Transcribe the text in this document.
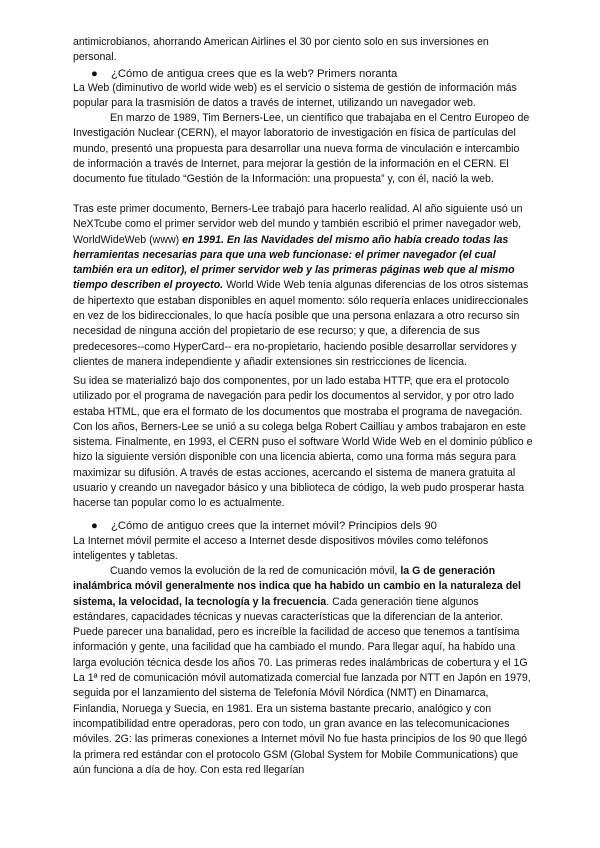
antimicrobianos, ahorrando American Airlines el 30 por ciento solo en sus inversiones en personal.

● ¿Cómo de antigua crees que es la web? Primers noranta

La Web (diminutivo de world wide web) es el servicio o sistema de gestión de información más popular para la trasmisión de datos a través de internet, utilizando un navegador web.

En marzo de 1989, Tim Berners-Lee, un científico que trabajaba en el Centro Europeo de Investigación Nuclear (CERN), el mayor laboratorio de investigación en física de partículas del mundo, presentó una propuesta para desarrollar una nueva forma de vinculación e intercambio de información a través de Internet, para mejorar la gestión de la información en el CERN. El documento fue titulado “Gestión de la Información: una propuesta” y, con él, nació la web.

Tras este primer documento, Berners-Lee trabajó para hacerlo realidad. Al año siguiente usó un NeXTcube como el primer servidor web del mundo y también escribió el primer navegador web, WorldWideWeb (www) en 1991. En las Navidades del mismo año había creado todas las herramientas necesarias para que una web funcionase: el primer navegador (el cual también era un editor), el primer servidor web y las primeras páginas web que al mismo tiempo describen el proyecto. World Wide Web tenía algunas diferencias de los otros sistemas de hipertexto que estaban disponibles en aquel momento: sólo requería enlaces unidireccionales en vez de los bidireccionales, lo que hacía posible que una persona enlazara a otro recurso sin necesidad de ninguna acción del propietario de ese recurso; y que, a diferencia de sus predecesores--como HyperCard-- era no-propietario, haciendo posible desarrollar servidores y clientes de manera independiente y añadir extensiones sin restricciones de licencia.

Su idea se materializó bajo dos componentes, por un lado estaba HTTP, que era el protocolo utilizado por el programa de navegación para pedir los documentos al servidor, y por otro lado estaba HTML, que era el formato de los documentos que mostraba el programa de navegación. Con los años, Berners-Lee se unió a su colega belga Robert Cailliau y ambos trabajaron en este sistema. Finalmente, en 1993, el CERN puso el software World Wide Web en el dominio público e hizo la siguiente versión disponible con una licencia abierta, como una forma más segura para maximizar su difusión. A través de estas acciones, acercando el sistema de manera gratuita al usuario y creando un navegador básico y una biblioteca de código, la web pudo prosperar hasta hacerse tan popular como lo es actualmente.

● ¿Cómo de antiguo crees que la internet móvil? Principios dels 90

La Internet móvil permite el acceso a Internet desde dispositivos móviles como teléfonos inteligentes y tabletas.

Cuando vemos la evolución de la red de comunicación móvil, la G de generación inalámbrica móvil generalmente nos indica que ha habido un cambio en la naturaleza del sistema, la velocidad, la tecnología y la frecuencia. Cada generación tiene algunos estándares, capacidades técnicas y nuevas características que la diferencian de la anterior. Puede parecer una banalidad, pero es increíble la facilidad de acceso que tenemos a tantísima información y gente, una facilidad que ha cambiado el mundo. Para llegar aquí, ha habido una larga evolución técnica desde los años 70. Las primeras redes inalámbricas de cobertura y el 1G La 1ª red de comunicación móvil automatizada comercial fue lanzada por NTT en Japón en 1979, seguida por el lanzamiento del sistema de Telefonía Móvil Nórdica (NMT) en Dinamarca, Finlandia, Noruega y Suecia, en 1981. Era un sistema bastante precario, analógico y con incompatibilidad entre operadoras, pero con todo, un gran avance en las telecomunicaciones móviles. 2G: las primeras conexiones a Internet móvil No fue hasta principios de los 90 que llegó la primera red estándar con el protocolo GSM (Global System for Mobile Communications) que aún funciona a día de hoy. Con esta red llegarían
